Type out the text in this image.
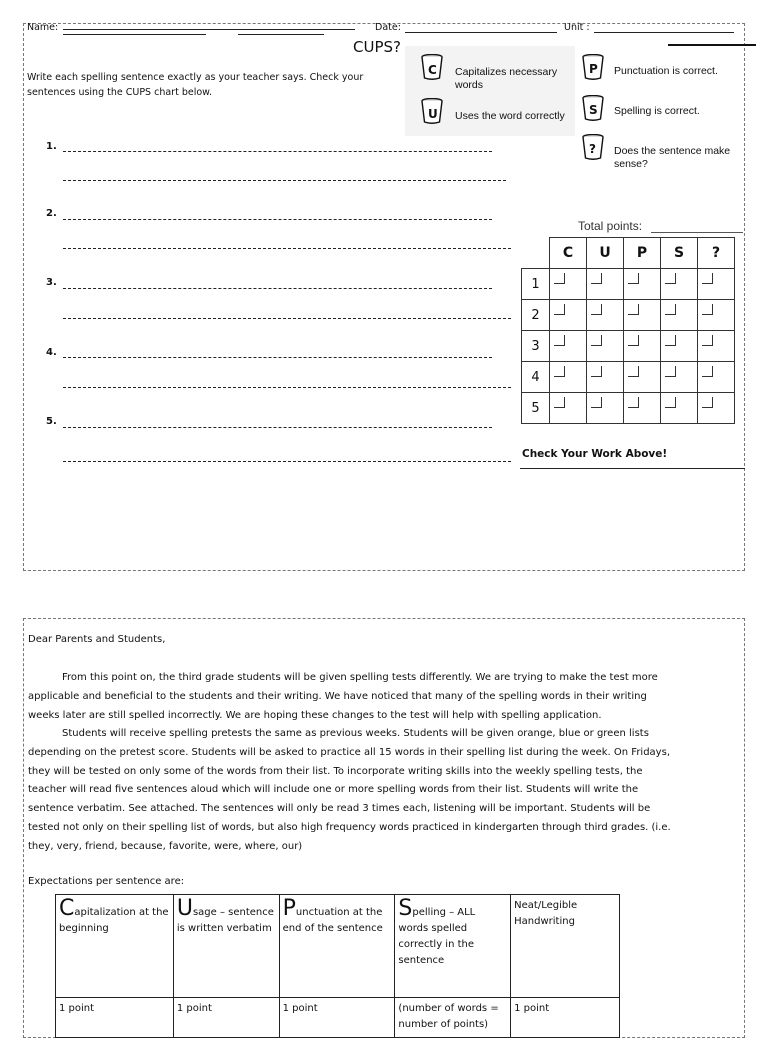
Name:	Date:	Unit :
CUPS?
Write each spelling sentence exactly as your teacher says. Check your
sentences using the CUPS chart below.
1.
2.
3.
4.
5.
C Capitalizes necessary
words
U Uses the word correctly
P Punctuation is correct.
S Spelling is correct.
? Does the sentence make
sense?
Total points:
	C	U	P	S	?
1	

2	

3	

4	

5	

Check Your Work Above!
Dear Parents and Students,
From this point on, the third grade students will be given spelling tests differently. We are trying to make the test more
applicable and beneficial to the students and their writing. We have noticed that many of the spelling words in their writing
weeks later are still spelled incorrectly. We are hoping these changes to the test will help with spelling application.
Students will receive spelling pretests the same as previous weeks. Students will be given orange, blue or green lists
depending on the pretest score. Students will be asked to practice all 15 words in their spelling list during the week. On Fridays,
they will be tested on only some of the words from their list. To incorporate writing skills into the weekly spelling tests, the
teacher will read five sentences aloud which will include one or more spelling words from their list. Students will write the
sentence verbatim. See attached. The sentences will only be read 3 times each, listening will be important. Students will be
tested not only on their spelling list of words, but also high frequency words practiced in kindergarten through third grades. (i.e.
they, very, friend, because, favorite, were, where, our)
Expectations per sentence are:
Capitalization at the beginning	Usage – sentence is written verbatim	Punctuation at the end of the sentence	Spelling – ALL words spelled correctly in the sentence	Neat/Legible Handwriting
1 point	1 point	1 point	(number of words = number of points)	1 point
